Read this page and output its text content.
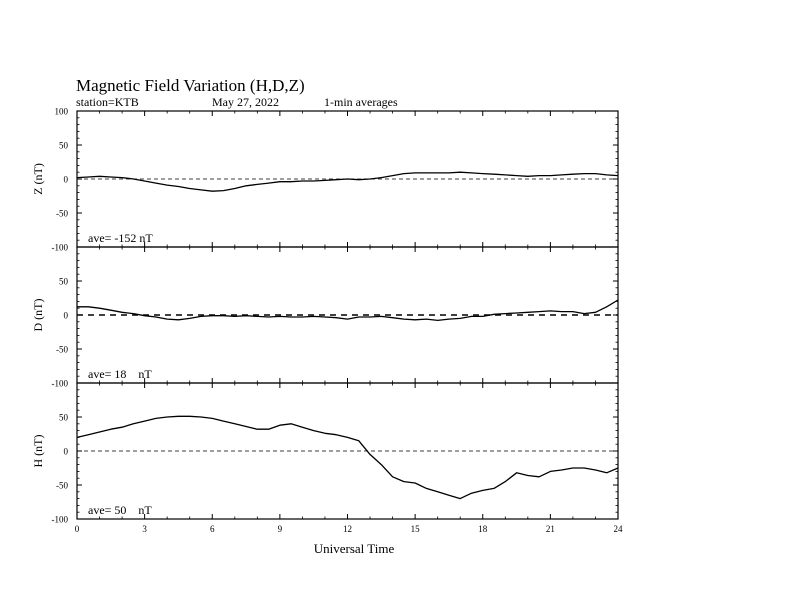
Magnetic Field Variation (H,D,Z)
station=KTB	May 27, 2022	1-min averages
100
50
0
-50
-100
Z (nT)
ave= -152 nT
50
0
-50
-100
D (nT)
ave= 18    nT
50
0
-50
-100
H (nT)
ave= 50    nT
0	3	6	9	12	15	18	21	24
Universal Time
